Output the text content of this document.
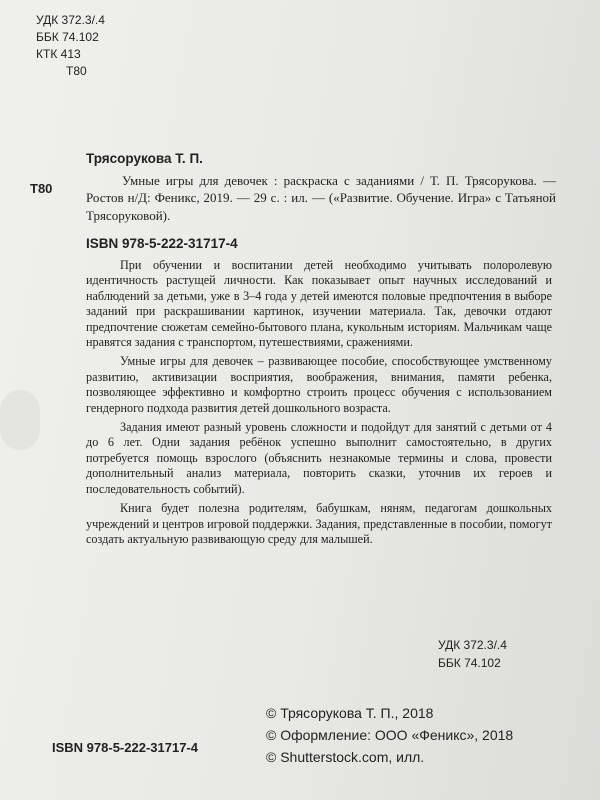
УДК 372.3/.4
ББК 74.102
КТК 413
Т80
Т80
Трясорукова Т. П.
Умные игры для девочек : раскраска с заданиями / Т. П. Трясорукова. — Ростов н/Д: Феникс, 2019. — 29 с. : ил. — («Развитие. Обучение. Игра» с Татьяной Трясоруковой).
ISBN 978-5-222-31717-4

При обучении и воспитании детей необходимо учитывать полоролевую идентичность растущей личности. Как показывает опыт научных исследований и наблюдений за детьми, уже в 3–4 года у детей имеются половые предпочтения в выборе заданий при раскрашивании картинок, изучении материала. Так, девочки отдают предпочтение сюжетам семейно-бытового плана, кукольным историям. Мальчикам чаще нравятся задания с транспортом, путешествиями, сражениями.

Умные игры для девочек – развивающее пособие, способствующее умственному развитию, активизации восприятия, воображения, внимания, памяти ребенка, позволяющее эффективно и комфортно строить процесс обучения с использованием гендерного подхода развития детей дошкольного возраста.

Задания имеют разный уровень сложности и подойдут для занятий с детьми от 4 до 6 лет. Одни задания ребёнок успешно выполнит самостоятельно, в других потребуется помощь взрослого (объяснить незнакомые термины и слова, провести дополнительный анализ материала, повторить сказки, уточнив их героев и последовательность событий).

Книга будет полезна родителям, бабушкам, няням, педагогам дошкольных учреждений и центров игровой поддержки. Задания, представленные в пособии, помогут создать актуальную развивающую среду для малышей.

УДК 372.3/.4
ББК 74.102
ISBN 978-5-222-31717-4
© Трясорукова Т. П., 2018
© Оформление: ООО «Феникс», 2018
© Shutterstock.com, илл.
